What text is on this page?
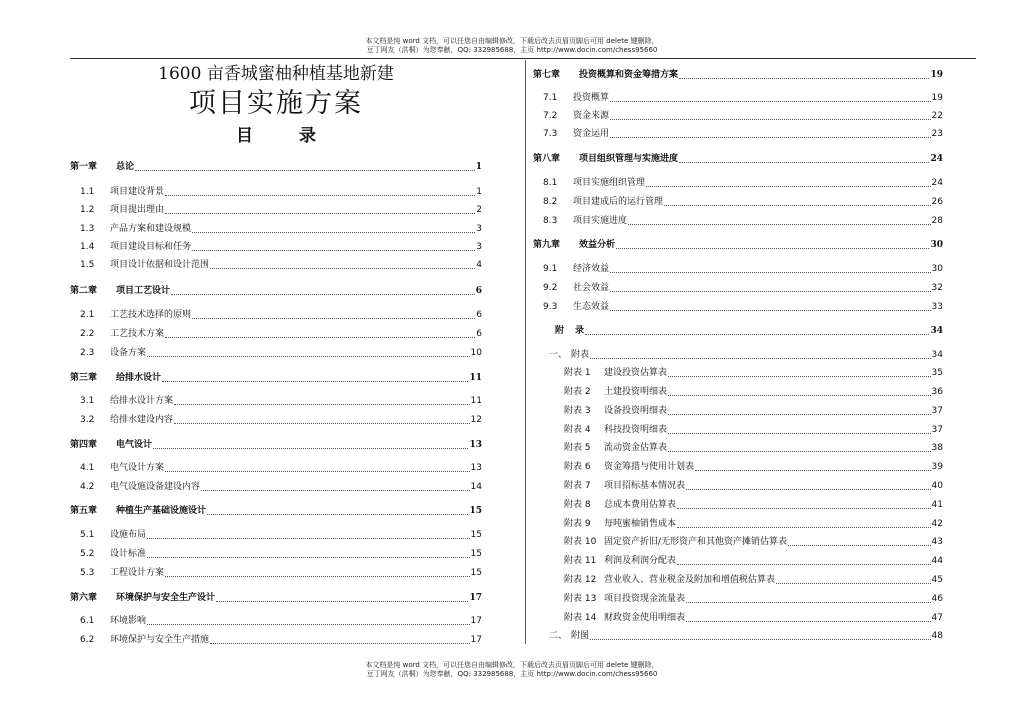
本文档是纯 word 文档，可以任您自由编辑修改，下载后改去页眉页脚后可用 delete 键删除，
豆丁网友（洪桐）为您奉献，QQ: 332985688，主页 http://www.docin.com/chess95660
1600 亩香城蜜柚种植基地新建
项目实施方案
目 录
第一章	总论	1
1.1	项目建设背景	1
1.2	项目提出理由	2
1.3	产品方案和建设规模	3
1.4	项目建设目标和任务	3
1.5	项目设计依据和设计范围	4
第二章	项目工艺设计	6
2.1	工艺技术选择的原则	6
2.2	工艺技术方案	6
2.3	设备方案	10
第三章	给排水设计	11
3.1	给排水设计方案	11
3.2	给排水建设内容	12
第四章	电气设计	13
4.1	电气设计方案	13
4.2	电气设施设备建设内容	14
第五章	种植生产基础设施设计	15
5.1	设施布局	15
5.2	设计标准	15
5.3	工程设计方案	15
第六章	环境保护与安全生产设计	17
6.1	环境影响	17
6.2	环境保护与安全生产措施	17
第七章	投资概算和资金筹措方案	19
7.1	投资概算	19
7.2	资金来源	22
7.3	资金运用	23
第八章	项目组织管理与实施进度	24
8.1	项目实施组织管理	24
8.2	项目建成后的运行管理	26
8.3	项目实施进度	28
第九章	效益分析	30
9.1	经济效益	30
9.2	社会效益	32
9.3	生态效益	33
附	录	34
一、 附表	34
附表 1	建设投资估算表	35
附表 2	土建投资明细表	36
附表 3	设备投资明细表	37
附表 4	科技投资明细表	37
附表 5	流动资金估算表	38
附表 6	资金筹措与使用计划表	39
附表 7	项目招标基本情况表	40
附表 8	总成本费用估算表	41
附表 9	每吨蜜柚销售成本	42
附表 10 固定资产折旧/无形资产和其他资产摊销估算表	43
附表 11 利润及利润分配表	44
附表 12 营业收入、营业税金及附加和增值税估算表	45
附表 13 项目投资现金流量表	46
附表 14 财政资金使用明细表	47
二、 附图	48
本文档是纯 word 文档，可以任您自由编辑修改，下载后改去页眉页脚后可用 delete 键删除，
豆丁网友（洪桐）为您奉献，QQ: 332985688，主页 http://www.docin.com/chess95660
